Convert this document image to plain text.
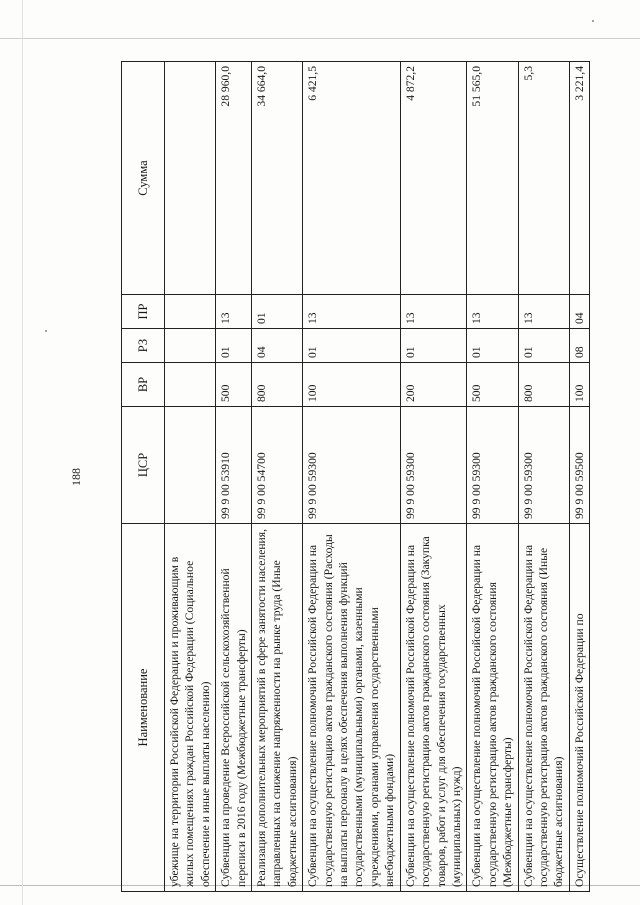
188
Наименование	ЦСР	ВР	РЗ	ПР	Сумма
убежище на территории Российской Федерации и проживающим в жилых помещениях граждан Российской Федерации (Социальное обеспечение и иные выплаты населению)					
Субвенции на проведение Всероссийской сельскохозяйственной переписи в 2016 году (Межбюджетные трансферты)	99 9 00 53910	500	01	13	28 960,0
Реализация дополнительных мероприятий в сфере занятости населения, направленных на снижение напряженности на рынке труда (Иные бюджетные ассигнования)	99 9 00 54700	800	04	01	34 664,0
Субвенции на осуществление полномочий Российской Федерации на государственную регистрацию актов гражданского состояния (Расходы на выплаты персоналу в целях обеспечения выполнения функций государственными (муниципальными) органами, казенными учреждениями, органами управления государственными внебюджетными фондами)	99 9 00 59300	100	01	13	6 421,5
Субвенции на осуществление полномочий Российской Федерации на государственную регистрацию актов гражданского состояния (Закупка товаров, работ и услуг для обеспечения государственных (муниципальных) нужд)	99 9 00 59300	200	01	13	4 872,2
Субвенции на осуществление полномочий Российской Федерации на государственную регистрацию актов гражданского состояния (Межбюджетные трансферты)	99 9 00 59300	500	01	13	51 565,0
Субвенции на осуществление полномочий Российской Федерации на государственную регистрацию актов гражданского состояния (Иные бюджетные ассигнования)	99 9 00 59300	800	01	13	5,3
Осуществление полномочий Российской Федерации по	99 9 00 59500	100	08	04	3 221,4
